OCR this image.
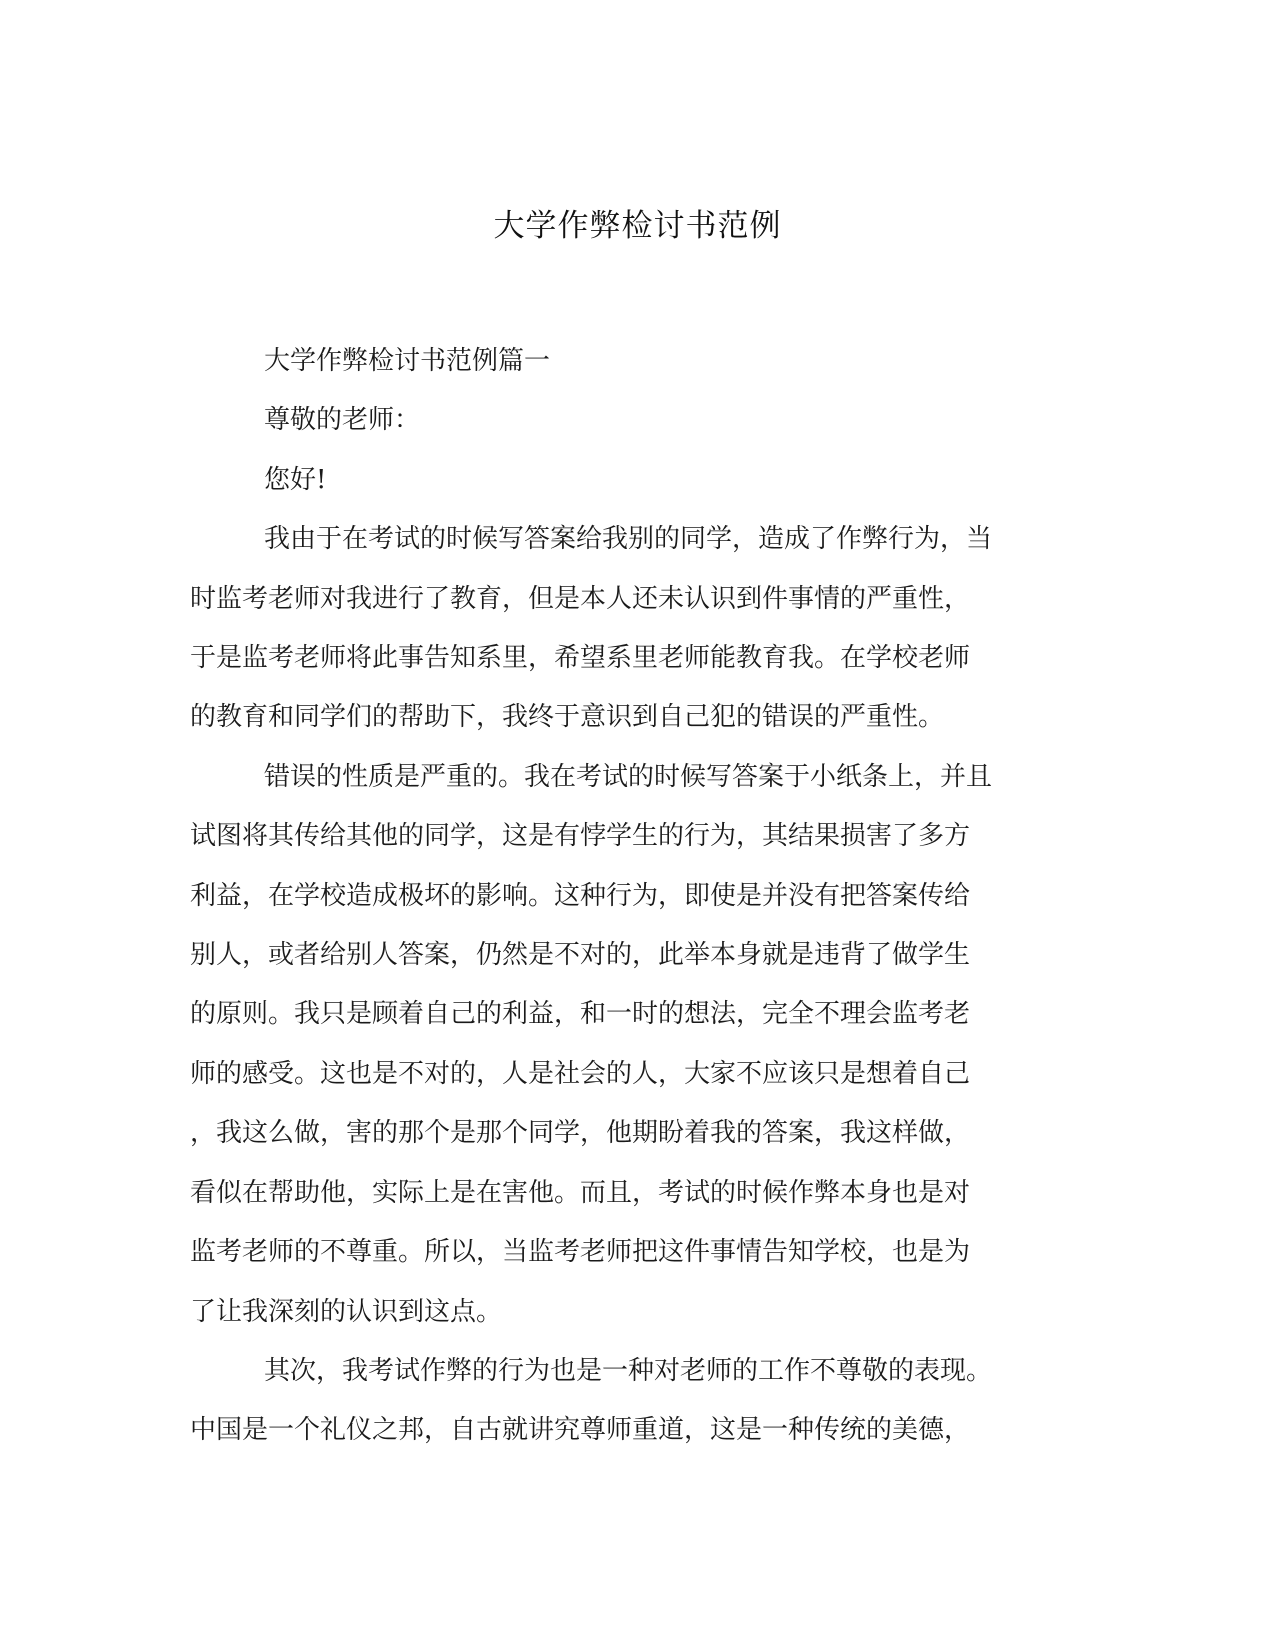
大学作弊检讨书范例

大学作弊检讨书范例篇一

尊敬的老师：

您好!

我由于在考试的时候写答案给我别的同学，造成了作弊行为，当
时监考老师对我进行了教育，但是本人还未认识到件事情的严重性，
于是监考老师将此事告知系里，希望系里老师能教育我。在学校老师
的教育和同学们的帮助下，我终于意识到自己犯的错误的严重性。

错误的性质是严重的。我在考试的时候写答案于小纸条上，并且
试图将其传给其他的同学，这是有悖学生的行为，其结果损害了多方
利益，在学校造成极坏的影响。这种行为，即使是并没有把答案传给
别人，或者给别人答案，仍然是不对的，此举本身就是违背了做学生
的原则。我只是顾着自己的利益，和一时的想法，完全不理会监考老
师的感受。这也是不对的，人是社会的人，大家不应该只是想着自己
，我这么做，害的那个是那个同学，他期盼着我的答案，我这样做，
看似在帮助他，实际上是在害他。而且，考试的时候作弊本身也是对
监考老师的不尊重。所以，当监考老师把这件事情告知学校，也是为
了让我深刻的认识到这点。

其次，我考试作弊的行为也是一种对老师的工作不尊敬的表现。
中国是一个礼仪之邦，自古就讲究尊师重道，这是一种传统的美德，
